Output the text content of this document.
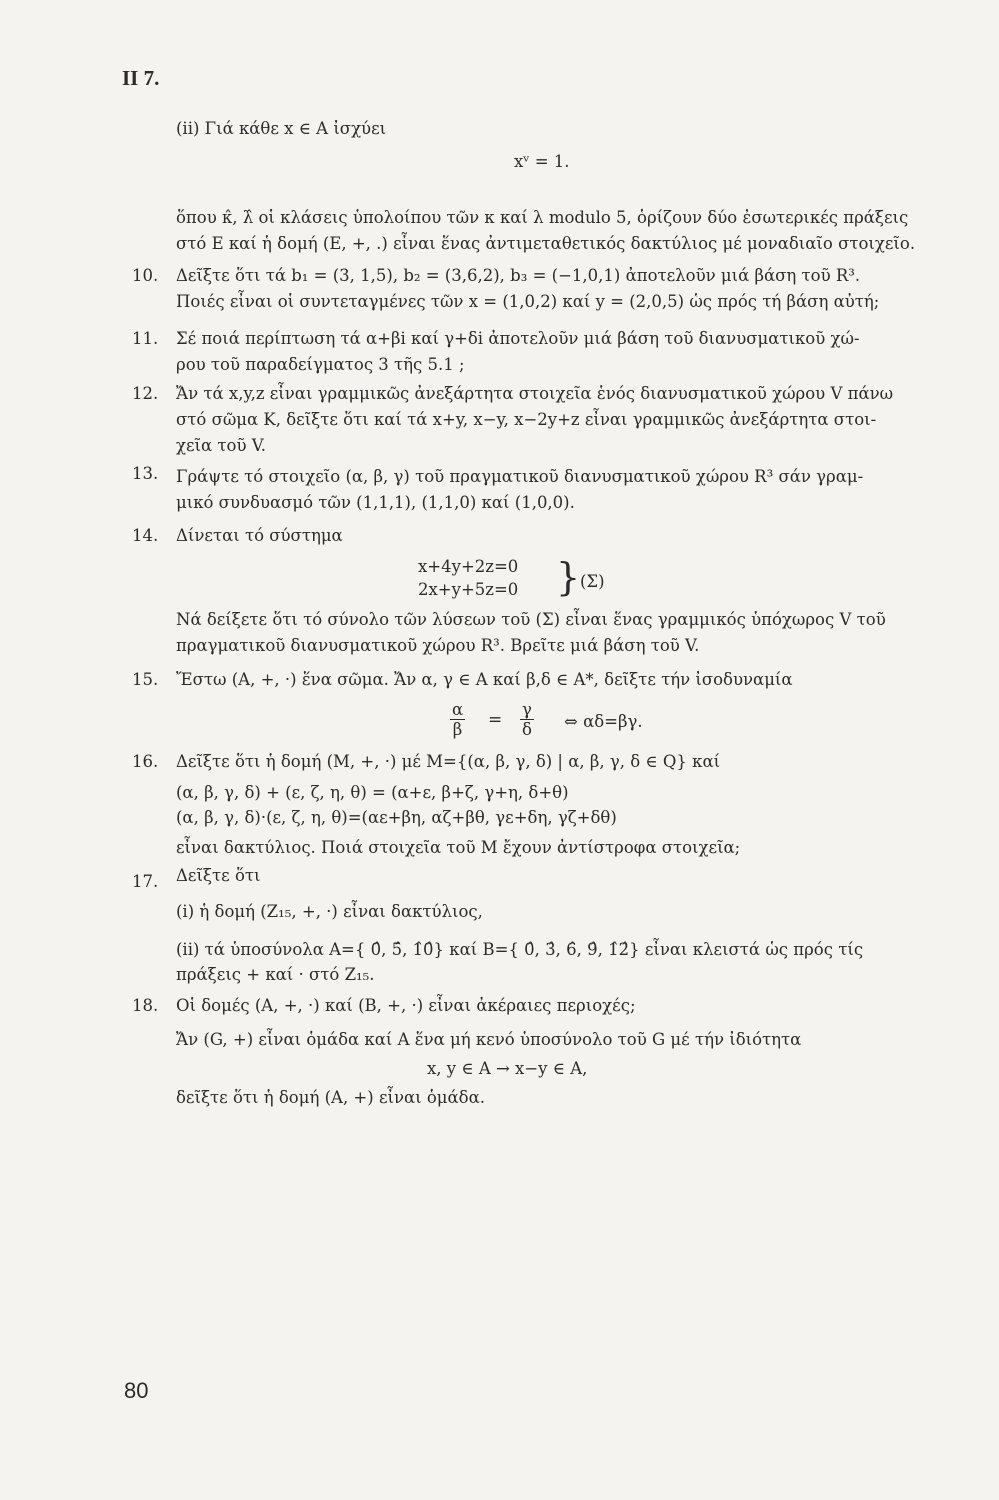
II 7.
(ii) Γιά κάθε x ∈ A ἰσχύει
xᵛ = 1.
ὅπου κ̂, λ̂ οἱ κλάσεις ὑπολοίπου τῶν κ καί λ modulo 5, ὁρίζουν δύο ἐσωτερικές πράξεις
στό E καί ἡ δομή (E, +, .) εἶναι ἕνας ἀντιμεταθετικός δακτύλιος μέ μοναδιαῖο στοιχεῖο.
10. Δεῖξτε ὅτι τά b₁ = (3, 1,5), b₂ = (3,6,2), b₃ = (−1,0,1) ἀποτελοῦν μιά βάση τοῦ R³.
Ποιές εἶναι οἱ συντεταγμένες τῶν x = (1,0,2) καί y = (2,0,5) ὡς πρός τή βάση αὐτή;
11. Σέ ποιά περίπτωση τά α+βi καί γ+δi ἀποτελοῦν μιά βάση τοῦ διανυσματικοῦ χώ-
ρου τοῦ παραδείγματος 3 τῆς 5.1 ;
12. Ἄν τά x,y,z εἶναι γραμμικῶς ἀνεξάρτητα στοιχεῖα ἑνός διανυσματικοῦ χώρου V πάνω
στό σῶμα K, δεῖξτε ὅτι καί τά x+y, x−y, x−2y+z εἶναι γραμμικῶς ἀνεξάρτητα στοι-
χεῖα τοῦ V.
13. Γράψτε τό στοιχεῖο (α, β, γ) τοῦ πραγματικοῦ διανυσματικοῦ χώρου R³ σάν γραμ-
μικό συνδυασμό τῶν (1,1,1), (1,1,0) καί (1,0,0).
14. Δίνεται τό σύστημα
x+4y+2z=0
2x+y+5z=0 } (Σ)
Νά δείξετε ὅτι τό σύνολο τῶν λύσεων τοῦ (Σ) εἶναι ἕνας γραμμικός ὑπόχωρος V τοῦ
πραγματικοῦ διανυσματικοῦ χώρου R³. Βρεῖτε μιά βάση τοῦ V.
15. Ἔστω (A, +, ·) ἕνα σῶμα. Ἄν α, γ ∈ A καί β,δ ∈ A*, δεῖξτε τήν ἰσοδυναμία
$\frac{\alpha}{\beta} = \frac{\gamma}{\delta}$ ⇔ αδ=βγ.
16. Δεῖξτε ὅτι ἡ δομή (M, +, ·) μέ M={(α, β, γ, δ) | α, β, γ, δ ∈ Q} καί
(α, β, γ, δ) + (ε, ζ, η, θ) = (α+ε, β+ζ, γ+η, δ+θ)
(α, β, γ, δ)·(ε, ζ, η, θ)=(αε+βη, αζ+βθ, γε+δη, γζ+δθ)
εἶναι δακτύλιος. Ποιά στοιχεῖα τοῦ M ἔχουν ἀντίστροφα στοιχεῖα;
17. Δεῖξτε ὅτι
(i) ἡ δομή (Z₁₅, +, ·) εἶναι δακτύλιος,
(ii) τά ὑποσύνολα A={ 0̂, 5̂, 1̂0̂} καί B={ 0̂, 3̂, 6̂, 9̂, 1̂2̂} εἶναι κλειστά ὡς πρός τίς
πράξεις + καί · στό Z₁₅.
18. Οἱ δομές (A, +, ·) καί (B, +, ·) εἶναι ἀκέραιες περιοχές;
Ἄν (G, +) εἶναι ὁμάδα καί A ἕνα μή κενό ὑποσύνολο τοῦ G μέ τήν ἰδιότητα
x, y ∈ A → x−y ∈ A,
δεῖξτε ὅτι ἡ δομή (A, +) εἶναι ὁμάδα.
80
